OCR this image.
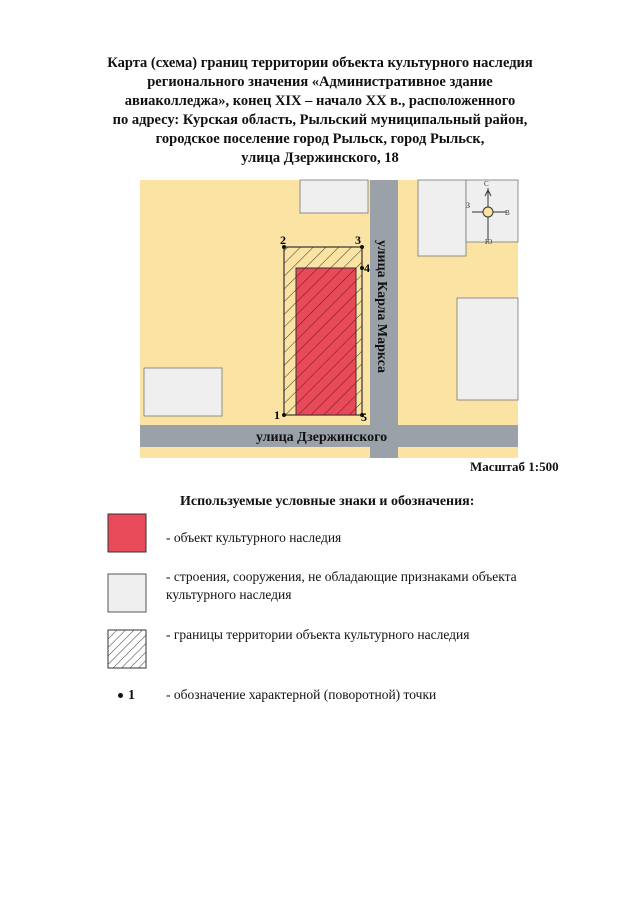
Карта (схема) границ территории объекта культурного наследия
регионального значения «Административное здание
авиаколледжа», конец XIX – начало XX в., расположенного
по адресу: Курская область, Рыльский муниципальный район,
городское поселение город Рыльск, город Рыльск,
улица Дзержинского, 18
С
З
В
Ю
1
2	3
4
5
улица Карла Маркса
улица Дзержинского
Масштаб 1:500
Используемые условные знаки и обозначения:
- объект культурного наследия
- строения, сооружения, не обладающие признаками объекта
культурного наследия
- границы территории объекта культурного наследия
1 - обозначение характерной (поворотной) точки
